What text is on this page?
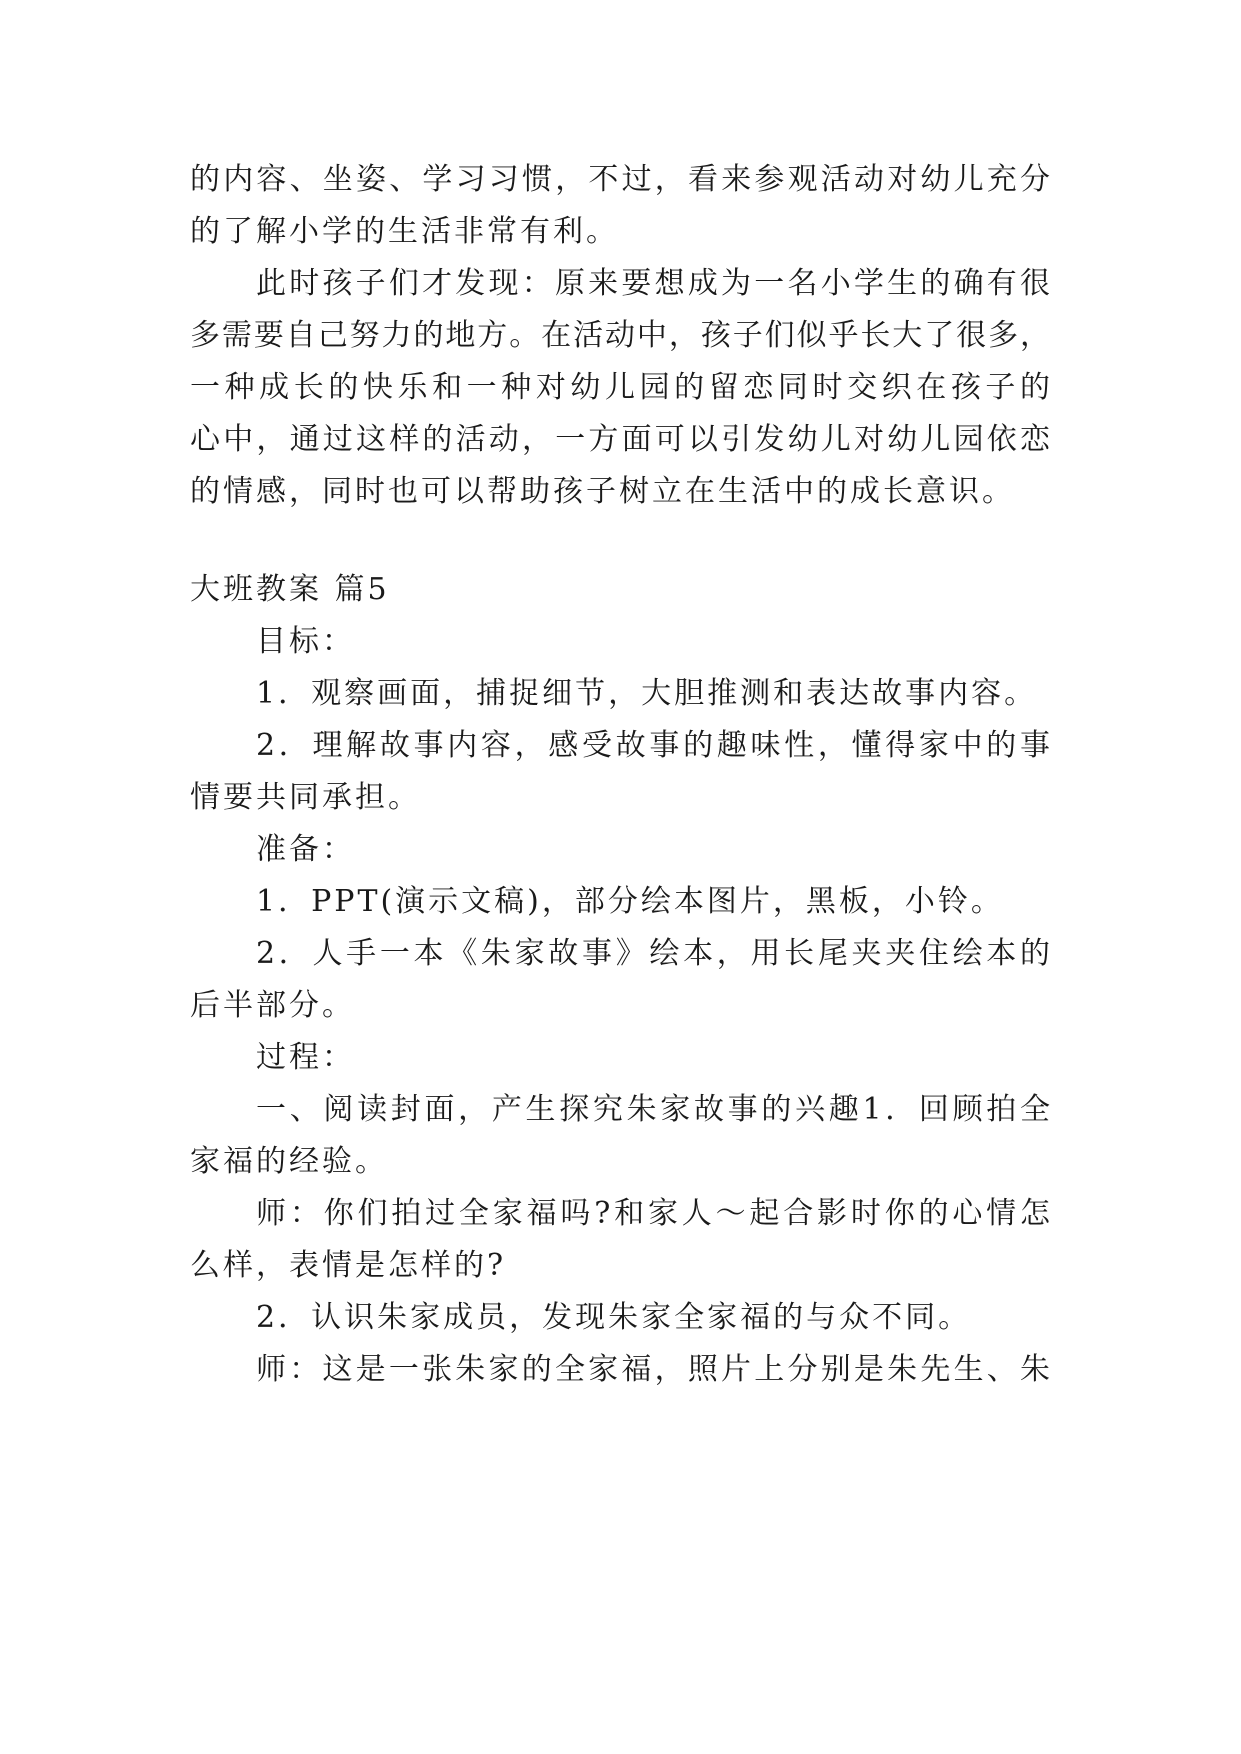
的内容、坐姿、学习习惯，不过，看来参观活动对幼儿充分
的了解小学的生活非常有利。
此时孩子们才发现：原来要想成为一名小学生的确有很
多需要自己努力的地方。在活动中，孩子们似乎长大了很多，
一种成长的快乐和一种对幼儿园的留恋同时交织在孩子的
心中，通过这样的活动，一方面可以引发幼儿对幼儿园依恋
的情感，同时也可以帮助孩子树立在生活中的成长意识。
大班教案 篇5
目标：
1．观察画面，捕捉细节，大胆推测和表达故事内容。
2．理解故事内容，感受故事的趣味性，懂得家中的事
情要共同承担。
准备：
1．PPT(演示文稿)，部分绘本图片，黑板，小铃。
2．人手一本《朱家故事》绘本，用长尾夹夹住绘本的
后半部分。
过程：
一、阅读封面，产生探究朱家故事的兴趣1．回顾拍全
家福的经验。
师：你们拍过全家福吗?和家人～起合影时你的心情怎
么样，表情是怎样的?
2．认识朱家成员，发现朱家全家福的与众不同。
师：这是一张朱家的全家福，照片上分别是朱先生、朱
